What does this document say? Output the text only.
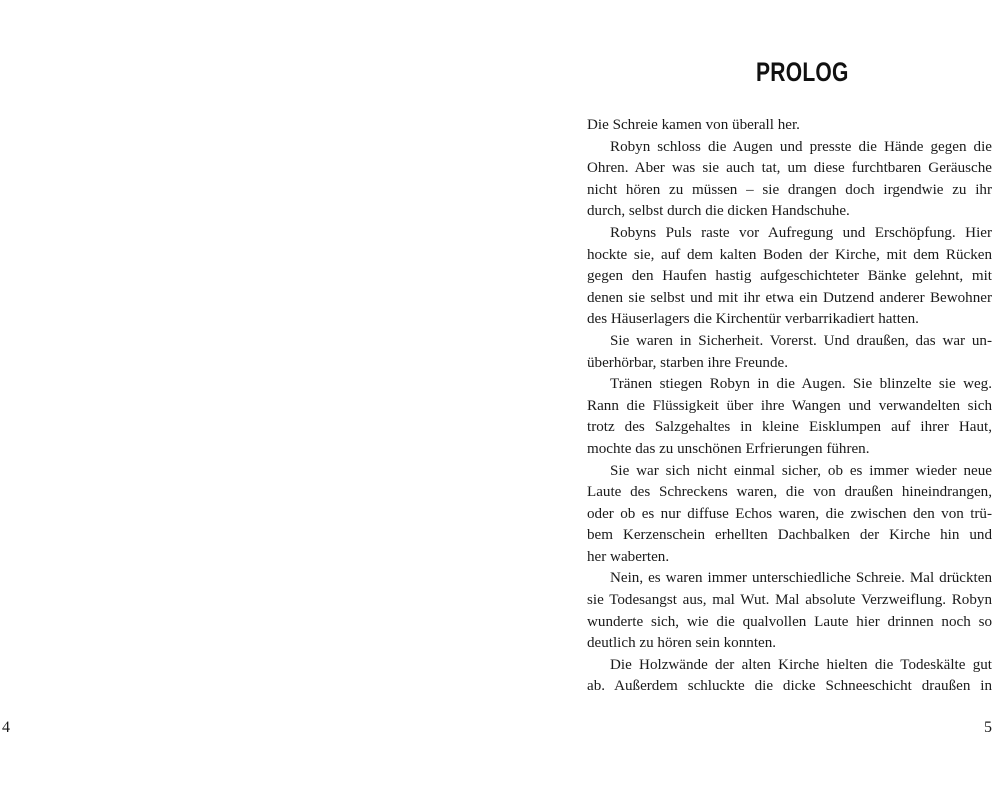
4
PROLOG
Die Schreie kamen von überall her.
Robyn schloss die Augen und presste die Hände gegen die
Ohren. Aber was sie auch tat, um diese furchtbaren Geräusche
nicht hören zu müssen – sie drangen doch irgendwie zu ihr
durch, selbst durch die dicken Handschuhe.
Robyns Puls raste vor Aufregung und Erschöpfung. Hier
hockte sie, auf dem kalten Boden der Kirche, mit dem Rücken
gegen den Haufen hastig aufgeschichteter Bänke gelehnt, mit
denen sie selbst und mit ihr etwa ein Dutzend anderer Bewohner
des Häuserlagers die Kirchentür verbarrikadiert hatten.
Sie waren in Sicherheit. Vorerst. Und draußen, das war un-
überhörbar, starben ihre Freunde.
Tränen stiegen Robyn in die Augen. Sie blinzelte sie weg.
Rann die Flüssigkeit über ihre Wangen und verwandelten sich
trotz des Salzgehaltes in kleine Eisklumpen auf ihrer Haut,
mochte das zu unschönen Erfrierungen führen.
Sie war sich nicht einmal sicher, ob es immer wieder neue
Laute des Schreckens waren, die von draußen hineindrangen,
oder ob es nur diffuse Echos waren, die zwischen den von trü-
bem Kerzenschein erhellten Dachbalken der Kirche hin und
her waberten.
Nein, es waren immer unterschiedliche Schreie. Mal drückten
sie Todesangst aus, mal Wut. Mal absolute Verzweiflung. Robyn
wunderte sich, wie die qualvollen Laute hier drinnen noch so
deutlich zu hören sein konnten.
Die Holzwände der alten Kirche hielten die Todeskälte gut
ab. Außerdem schluckte die dicke Schneeschicht draußen in
5
